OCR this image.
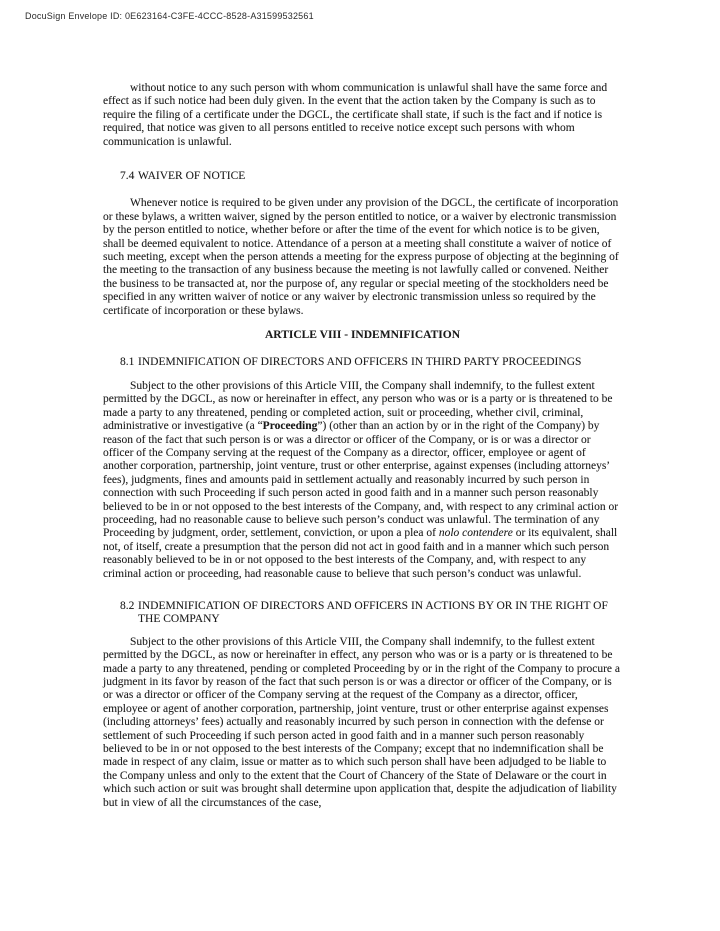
DocuSign Envelope ID: 0E623164-C3FE-4CCC-8528-A31599532561

without notice to any such person with whom communication is unlawful shall have the same force and effect as if such notice had been duly given. In the event that the action taken by the Company is such as to require the filing of a certificate under the DGCL, the certificate shall state, if such is the fact and if notice is required, that notice was given to all persons entitled to receive notice except such persons with whom communication is unlawful.

7.4 WAIVER OF NOTICE

Whenever notice is required to be given under any provision of the DGCL, the certificate of incorporation or these bylaws, a written waiver, signed by the person entitled to notice, or a waiver by electronic transmission by the person entitled to notice, whether before or after the time of the event for which notice is to be given, shall be deemed equivalent to notice. Attendance of a person at a meeting shall constitute a waiver of notice of such meeting, except when the person attends a meeting for the express purpose of objecting at the beginning of the meeting to the transaction of any business because the meeting is not lawfully called or convened. Neither the business to be transacted at, nor the purpose of, any regular or special meeting of the stockholders need be specified in any written waiver of notice or any waiver by electronic transmission unless so required by the certificate of incorporation or these bylaws.

ARTICLE VIII - INDEMNIFICATION

8.1 INDEMNIFICATION OF DIRECTORS AND OFFICERS IN THIRD PARTY PROCEEDINGS

Subject to the other provisions of this Article VIII, the Company shall indemnify, to the fullest extent permitted by the DGCL, as now or hereinafter in effect, any person who was or is a party or is threatened to be made a party to any threatened, pending or completed action, suit or proceeding, whether civil, criminal, administrative or investigative (a “Proceeding”) (other than an action by or in the right of the Company) by reason of the fact that such person is or was a director or officer of the Company, or is or was a director or officer of the Company serving at the request of the Company as a director, officer, employee or agent of another corporation, partnership, joint venture, trust or other enterprise, against expenses (including attorneys’ fees), judgments, fines and amounts paid in settlement actually and reasonably incurred by such person in connection with such Proceeding if such person acted in good faith and in a manner such person reasonably believed to be in or not opposed to the best interests of the Company, and, with respect to any criminal action or proceeding, had no reasonable cause to believe such person’s conduct was unlawful. The termination of any Proceeding by judgment, order, settlement, conviction, or upon a plea of nolo contendere or its equivalent, shall not, of itself, create a presumption that the person did not act in good faith and in a manner which such person reasonably believed to be in or not opposed to the best interests of the Company, and, with respect to any criminal action or proceeding, had reasonable cause to believe that such person’s conduct was unlawful.

8.2 INDEMNIFICATION OF DIRECTORS AND OFFICERS IN ACTIONS BY OR IN THE RIGHT OF THE COMPANY

Subject to the other provisions of this Article VIII, the Company shall indemnify, to the fullest extent permitted by the DGCL, as now or hereinafter in effect, any person who was or is a party or is threatened to be made a party to any threatened, pending or completed Proceeding by or in the right of the Company to procure a judgment in its favor by reason of the fact that such person is or was a director or officer of the Company, or is or was a director or officer of the Company serving at the request of the Company as a director, officer, employee or agent of another corporation, partnership, joint venture, trust or other enterprise against expenses (including attorneys’ fees) actually and reasonably incurred by such person in connection with the defense or settlement of such Proceeding if such person acted in good faith and in a manner such person reasonably believed to be in or not opposed to the best interests of the Company; except that no indemnification shall be made in respect of any claim, issue or matter as to which such person shall have been adjudged to be liable to the Company unless and only to the extent that the Court of Chancery of the State of Delaware or the court in which such action or suit was brought shall determine upon application that, despite the adjudication of liability but in view of all the circumstances of the case,
